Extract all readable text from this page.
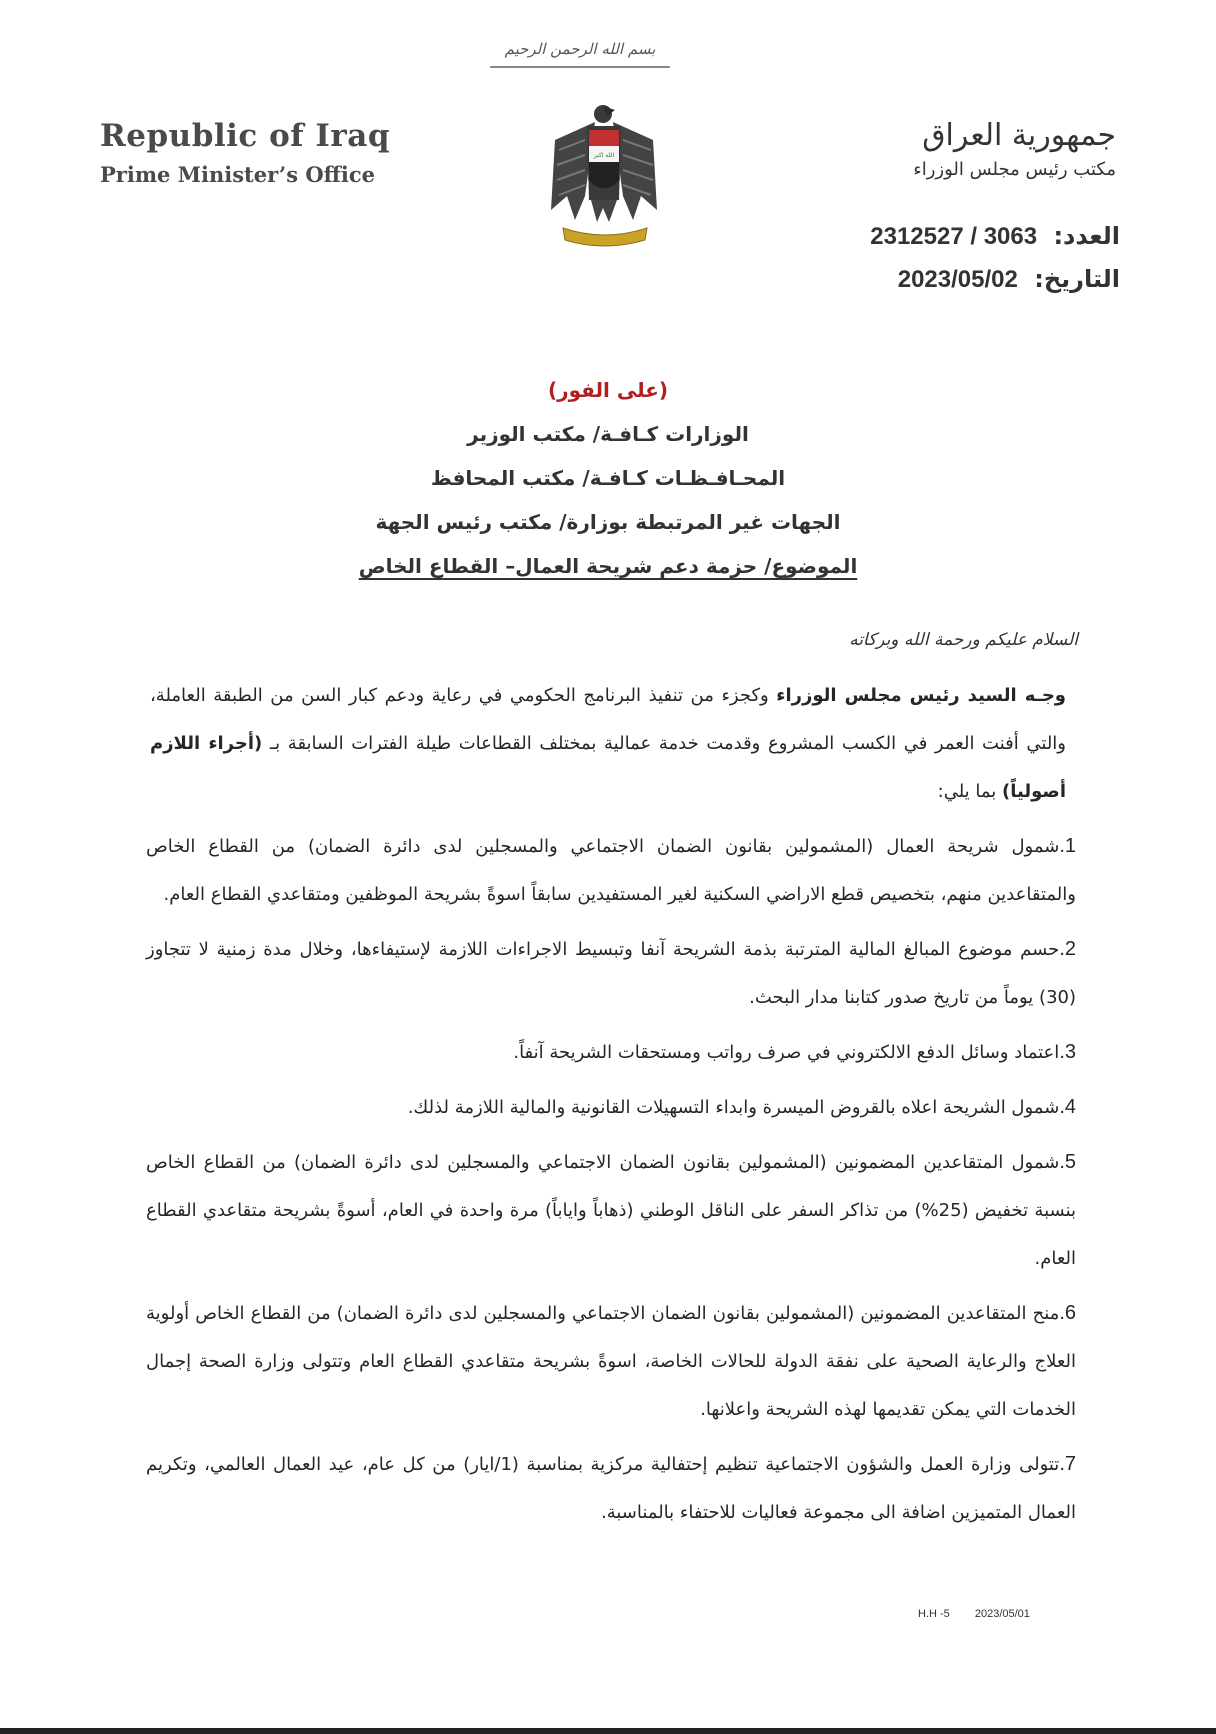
بسم الله الرحمن الرحيم
Republic of Iraq
Prime Minister’s Office
الله اكبر
جمهورية العراق
مكتب رئيس مجلس الوزراء
العدد: 2312527 / 3063
التاريخ: 2023/05/02
(على الفور)
الوزارات كـافـة/ مكتب الوزير
المحـافـظـات كـافـة/ مكتب المحافظ
الجهات غير المرتبطة بوزارة/ مكتب رئيس الجهة
الموضوع/ حزمة دعم شريحة العمال– القطاع الخاص
السلام عليكم ورحمة الله وبركاته
وجـه السيد رئيس مجلس الوزراء وكجزء من تنفيذ البرنامج الحكومي في رعاية ودعم كبار السن من الطبقة العاملة، والتي أفنت العمر في الكسب المشروع وقدمت خدمة عمالية بمختلف القطاعات طيلة الفترات السابقة بـ (أجراء اللازم أصولياً) بما يلي:
1.شمول شريحة العمال (المشمولين بقانون الضمان الاجتماعي والمسجلين لدى دائرة الضمان) من القطاع الخاص والمتقاعدين منهم، بتخصيص قطع الاراضي السكنية لغير المستفيدين سابقاً اسوةً بشريحة الموظفين ومتقاعدي القطاع العام.
2.حسم موضوع المبالغ المالية المترتبة بذمة الشريحة آنفا وتبسيط الاجراءات اللازمة لإستيفاءها، وخلال مدة زمنية لا تتجاوز (30) يوماً من تاريخ صدور كتابنا مدار البحث.
3.اعتماد وسائل الدفع الالكتروني في صرف رواتب ومستحقات الشريحة آنفاً.
4.شمول الشريحة اعلاه بالقروض الميسرة وابداء التسهيلات القانونية والمالية اللازمة لذلك.
5.شمول المتقاعدين المضمونين (المشمولين بقانون الضمان الاجتماعي والمسجلين لدى دائرة الضمان) من القطاع الخاص بنسبة تخفيض (25%) من تذاكر السفر على الناقل الوطني (ذهاباً واياباً) مرة واحدة في العام، أسوةً بشريحة متقاعدي القطاع العام.
6.منح المتقاعدين المضمونين (المشمولين بقانون الضمان الاجتماعي والمسجلين لدى دائرة الضمان) من القطاع الخاص أولوية العلاج والرعاية الصحية على نفقة الدولة للحالات الخاصة، اسوةً بشريحة متقاعدي القطاع العام وتتولى وزارة الصحة إجمال الخدمات التي يمكن تقديمها لهذه الشريحة واعلانها.
7.تتولى وزارة العمل والشؤون الاجتماعية تنظيم إحتفالية مركزية بمناسبة (1/ايار) من كل عام، عيد العمال العالمي، وتكريم العمال المتميزين اضافة الى مجموعة فعاليات للاحتفاء بالمناسبة.
H.H -5 2023/05/01
